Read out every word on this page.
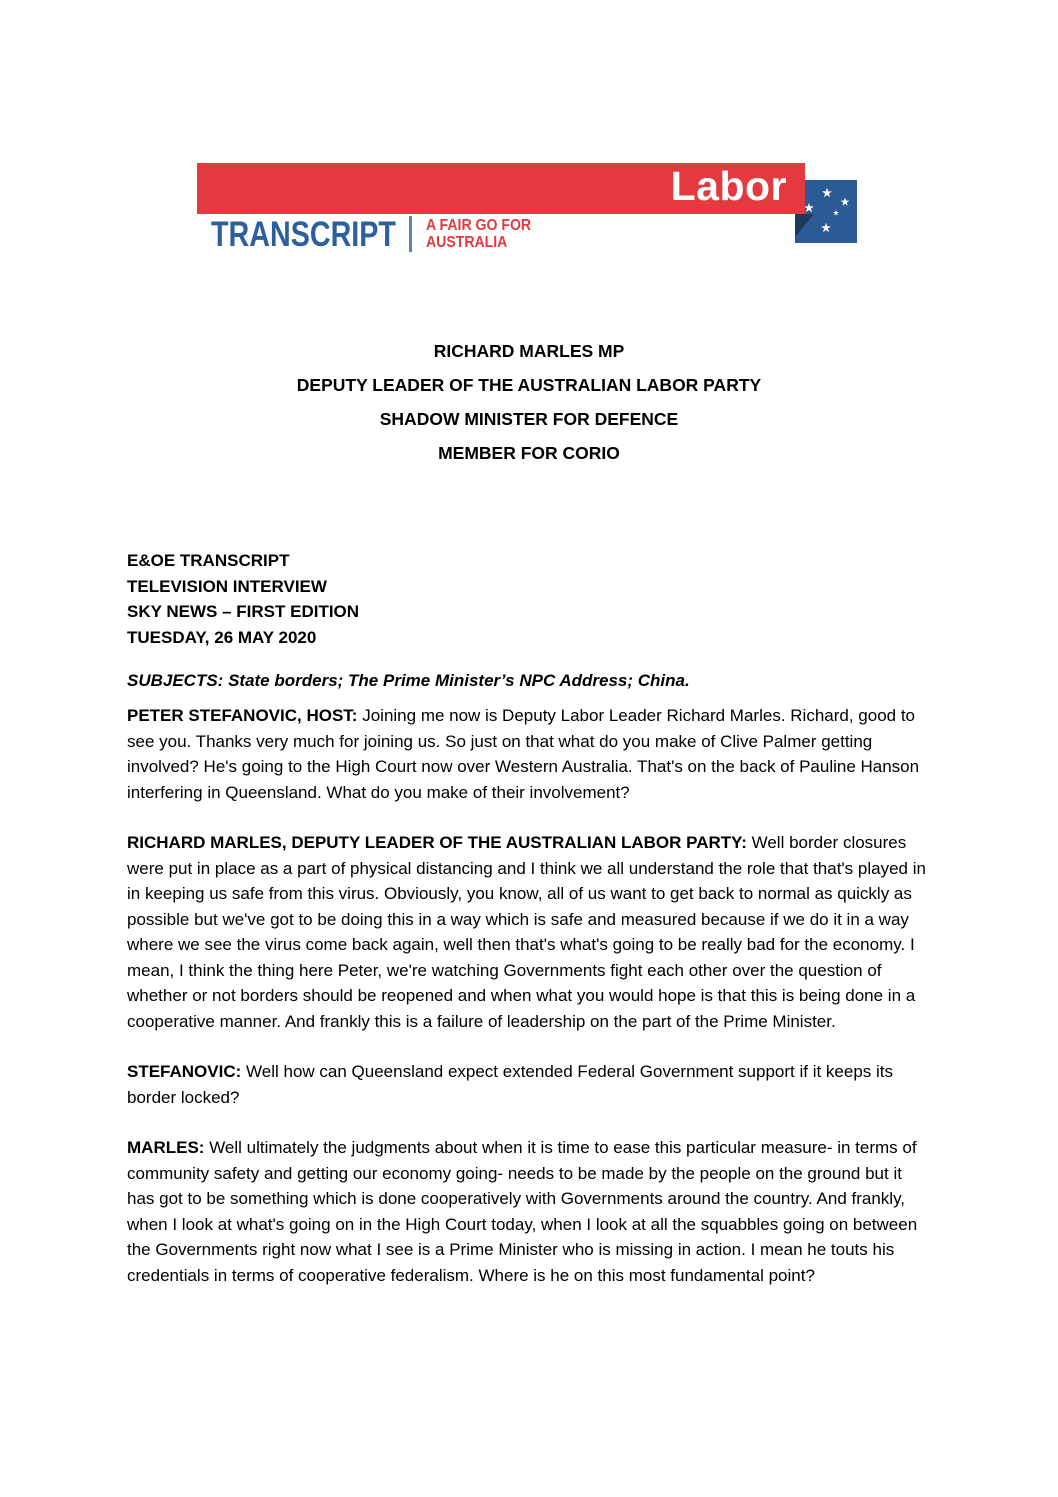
Labor
TRANSCRIPT A FAIR GO FOR
AUSTRALIA
RICHARD MARLES MP
DEPUTY LEADER OF THE AUSTRALIAN LABOR PARTY
SHADOW MINISTER FOR DEFENCE
MEMBER FOR CORIO
E&OE TRANSCRIPT
TELEVISION INTERVIEW
SKY NEWS – FIRST EDITION
TUESDAY, 26 MAY 2020
SUBJECTS: State borders; The Prime Minister’s NPC Address; China.

PETER STEFANOVIC, HOST: Joining me now is Deputy Labor Leader Richard Marles. Richard, good to see you. Thanks very much for joining us. So just on that what do you make of Clive Palmer getting involved? He's going to the High Court now over Western Australia. That's on the back of Pauline Hanson interfering in Queensland. What do you make of their involvement?

RICHARD MARLES, DEPUTY LEADER OF THE AUSTRALIAN LABOR PARTY: Well border closures were put in place as a part of physical distancing and I think we all understand the role that that's played in in keeping us safe from this virus. Obviously, you know, all of us want to get back to normal as quickly as possible but we've got to be doing this in a way which is safe and measured because if we do it in a way where we see the virus come back again, well then that's what's going to be really bad for the economy. I mean, I think the thing here Peter, we're watching Governments fight each other over the question of whether or not borders should be reopened and when what you would hope is that this is being done in a cooperative manner. And frankly this is a failure of leadership on the part of the Prime Minister.

STEFANOVIC: Well how can Queensland expect extended Federal Government support if it keeps its border locked?

MARLES: Well ultimately the judgments about when it is time to ease this particular measure- in terms of community safety and getting our economy going- needs to be made by the people on the ground but it has got to be something which is done cooperatively with Governments around the country. And frankly, when I look at what's going on in the High Court today, when I look at all the squabbles going on between the Governments right now what I see is a Prime Minister who is missing in action. I mean he touts his credentials in terms of cooperative federalism. Where is he on this most fundamental point?
